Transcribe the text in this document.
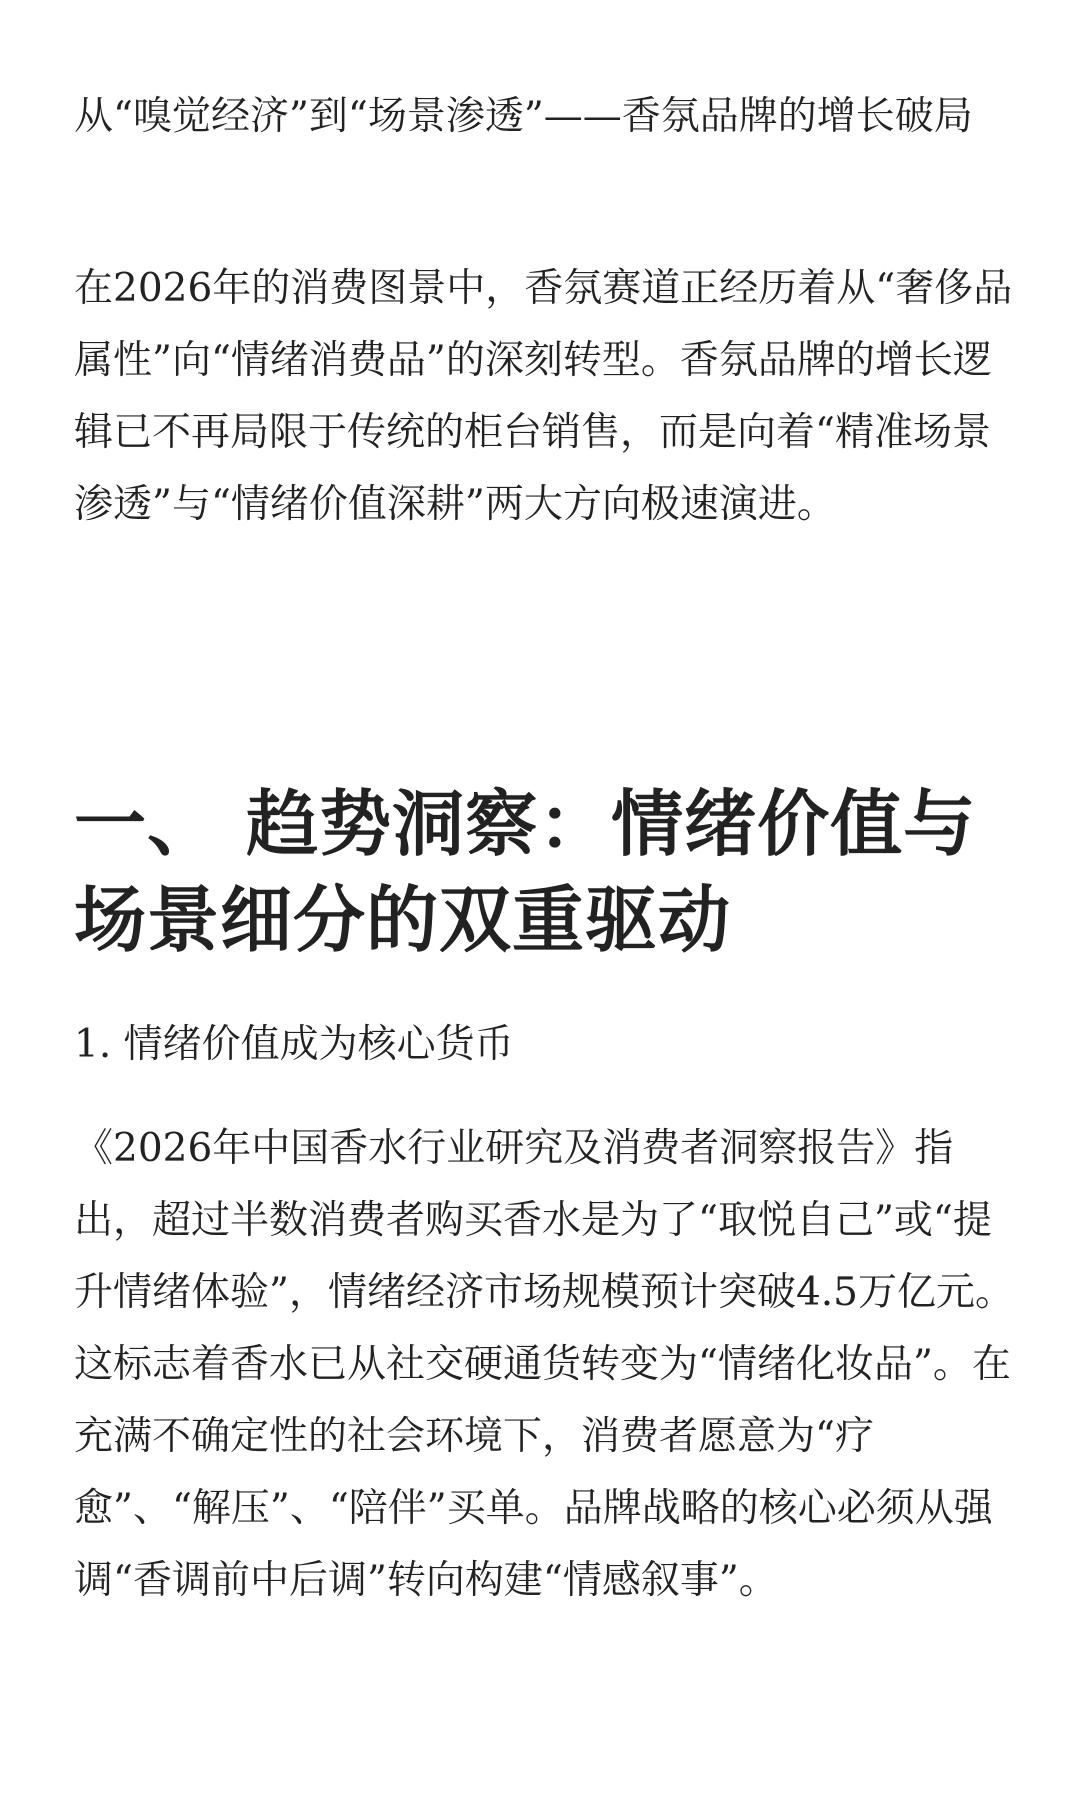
从“嗅觉经济”到“场景渗透”——香氛品牌的增长破局

在2026年的消费图景中，香氛赛道正经历着从“奢侈品属性”向“情绪消费品”的深刻转型。香氛品牌的增长逻辑已不再局限于传统的柜台销售，而是向着“精准场景渗透”与“情绪价值深耕”两大方向极速演进。

一、 趋势洞察：情绪价值与场景细分的双重驱动
1. 情绪价值成为核心货币

《2026年中国香水行业研究及消费者洞察报告》指出，超过半数消费者购买香水是为了“取悦自己”或“提升情绪体验”，情绪经济市场规模预计突破4.5万亿元。这标志着香水已从社交硬通货转变为“情绪化妆品”。在充满不确定性的社会环境下，消费者愿意为“疗愈”、“解压”、“陪伴”买单。品牌战略的核心必须从强调“香调前中后调”转向构建“情感叙事”。
